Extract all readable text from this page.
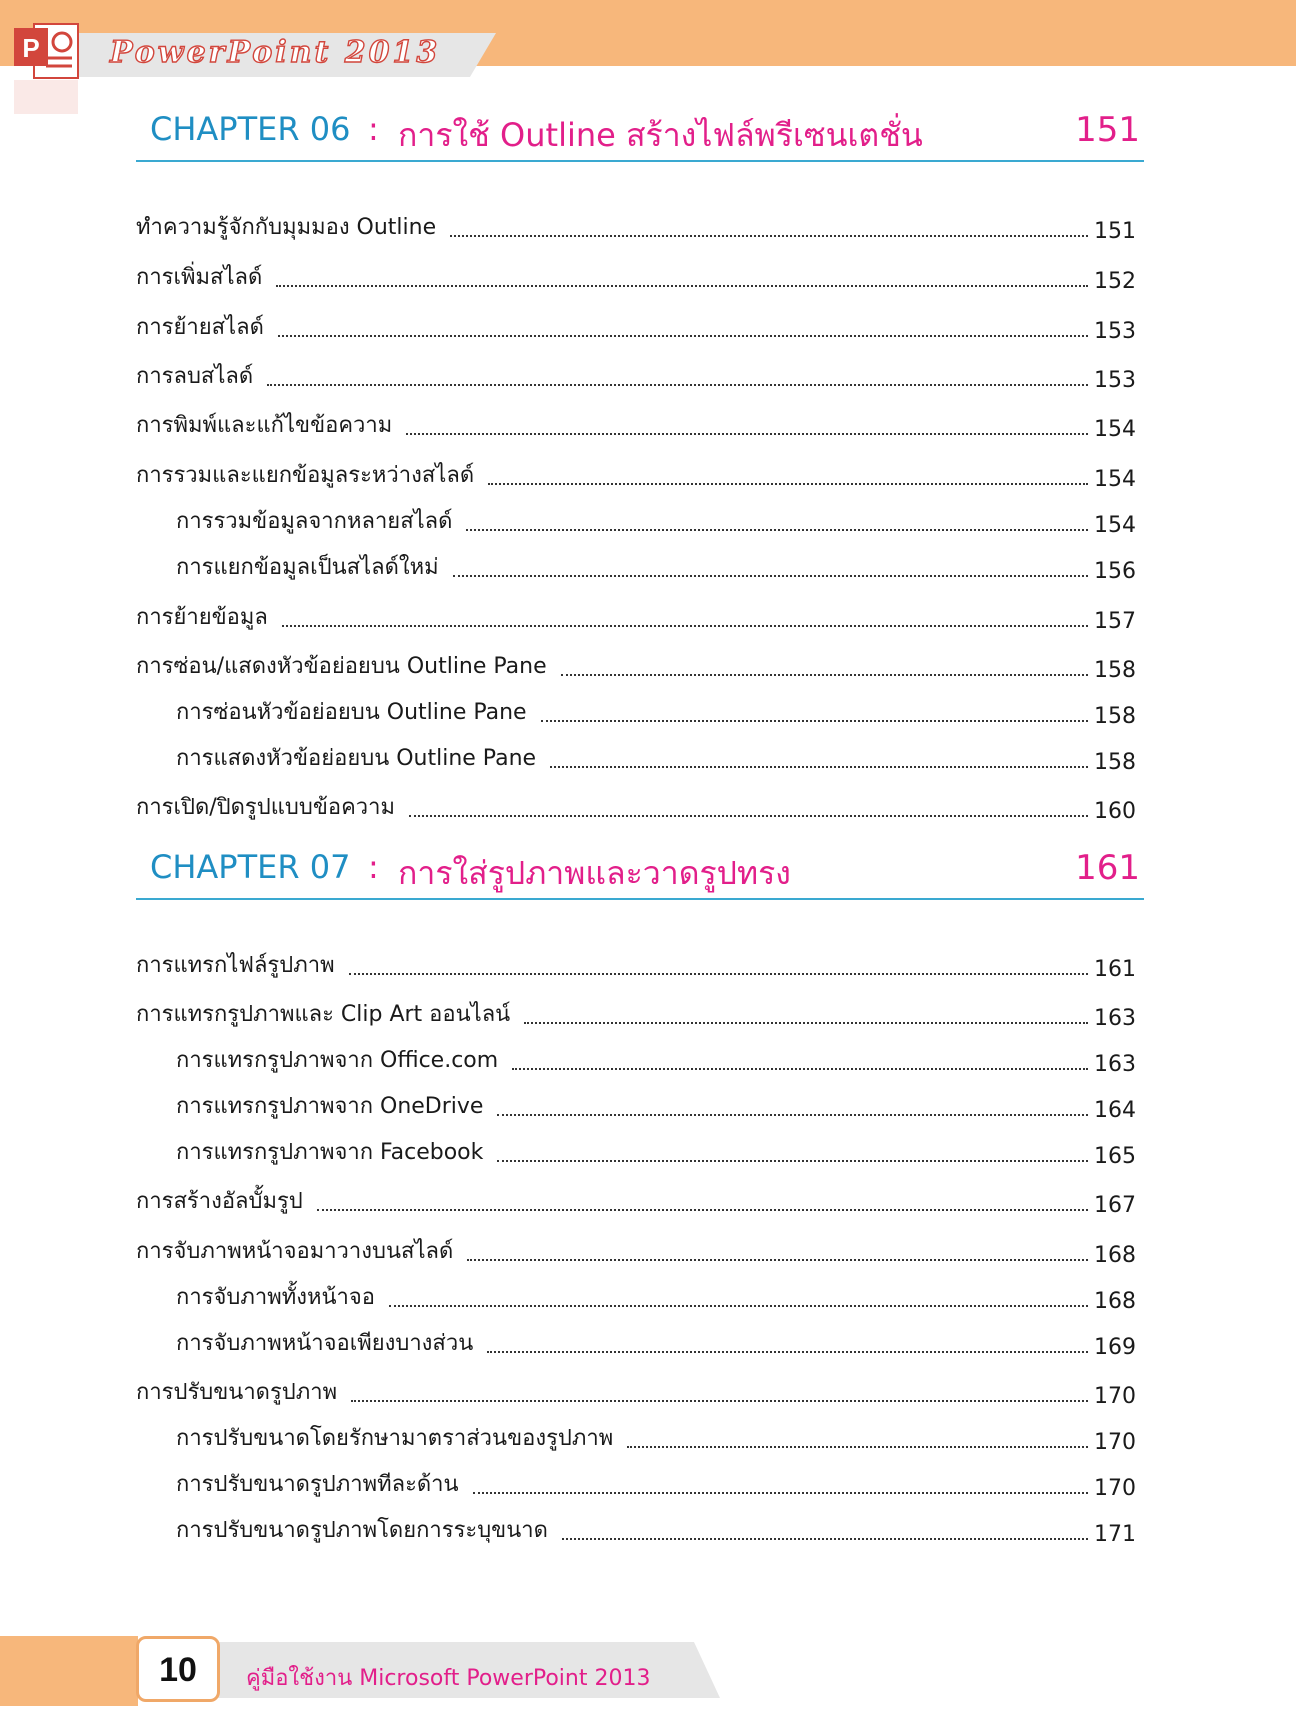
PowerPoint 2013
P
CHAPTER 06 : การใช้ Outline สร้างไฟล์พรีเซนเตชั่น	151
ทำความรู้จักกับมุมมอง Outline	151
การเพิ่มสไลด์	152
การย้ายสไลด์	153
การลบสไลด์	153
การพิมพ์และแก้ไขข้อความ	154
การรวมและแยกข้อมูลระหว่างสไลด์	154
การรวมข้อมูลจากหลายสไลด์	154
การแยกข้อมูลเป็นสไลด์ใหม่	156
การย้ายข้อมูล	157
การซ่อน/แสดงหัวข้อย่อยบน Outline Pane	158
การซ่อนหัวข้อย่อยบน Outline Pane	158
การแสดงหัวข้อย่อยบน Outline Pane	158
การเปิด/ปิดรูปแบบข้อความ	160
CHAPTER 07 : การใส่รูปภาพและวาดรูปทรง	161
การแทรกไฟล์รูปภาพ	161
การแทรกรูปภาพและ Clip Art ออนไลน์	163
การแทรกรูปภาพจาก Office.com	163
การแทรกรูปภาพจาก OneDrive	164
การแทรกรูปภาพจาก Facebook	165
การสร้างอัลบั้มรูป	167
การจับภาพหน้าจอมาวางบนสไลด์	168
การจับภาพทั้งหน้าจอ	168
การจับภาพหน้าจอเพียงบางส่วน	169
การปรับขนาดรูปภาพ	170
การปรับขนาดโดยรักษามาตราส่วนของรูปภาพ	170
การปรับขนาดรูปภาพทีละด้าน	170
การปรับขนาดรูปภาพโดยการระบุขนาด	171
10	คู่มือใช้งาน Microsoft PowerPoint 2013
